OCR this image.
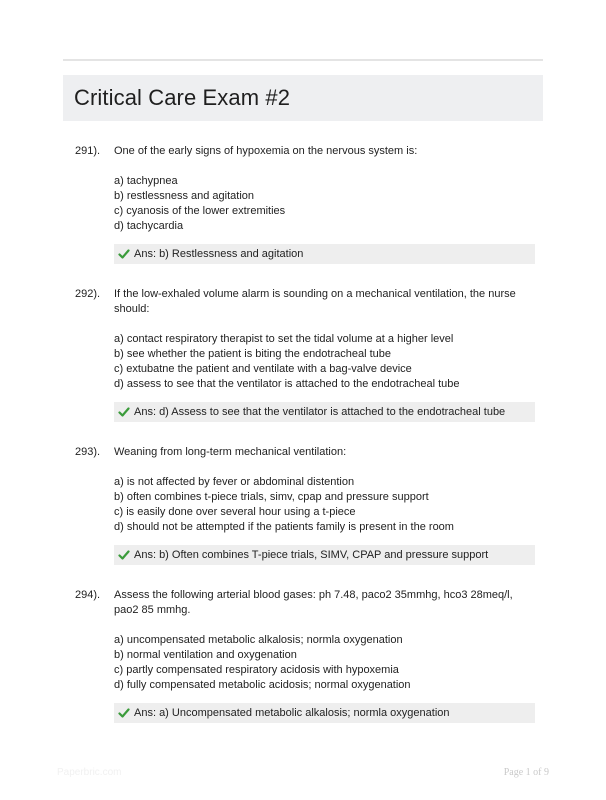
Critical Care Exam #2
291). One of the early signs of hypoxemia on the nervous system is:

a) tachypnea
b) restlessness and agitation
c) cyanosis of the lower extremities
d) tachycardia
Ans: b) Restlessness and agitation
292). If the low-exhaled volume alarm is sounding on a mechanical ventilation, the nurse should:

a) contact respiratory therapist to set the tidal volume at a higher level
b) see whether the patient is biting the endotracheal tube
c) extubatne the patient and ventilate with a bag-valve device
d) assess to see that the ventilator is attached to the endotracheal tube
Ans: d) Assess to see that the ventilator is attached to the endotracheal tube
293). Weaning from long-term mechanical ventilation:

a) is not affected by fever or abdominal distention
b) often combines t-piece trials, simv, cpap and pressure support
c) is easily done over several hour using a t-piece
d) should not be attempted if the patients family is present in the room
Ans: b) Often combines T-piece trials, SIMV, CPAP and pressure support
294). Assess the following arterial blood gases: ph 7.48, paco2 35mmhg, hco3 28meq/l, pao2 85 mmhg.

a) uncompensated metabolic alkalosis; normla oxygenation
b) normal ventilation and oxygenation
c) partly compensated respiratory acidosis with hypoxemia
d) fully compensated metabolic acidosis; normal oxygenation
Ans: a) Uncompensated metabolic alkalosis; normla oxygenation
Paperbric.com	Page 1 of 9
